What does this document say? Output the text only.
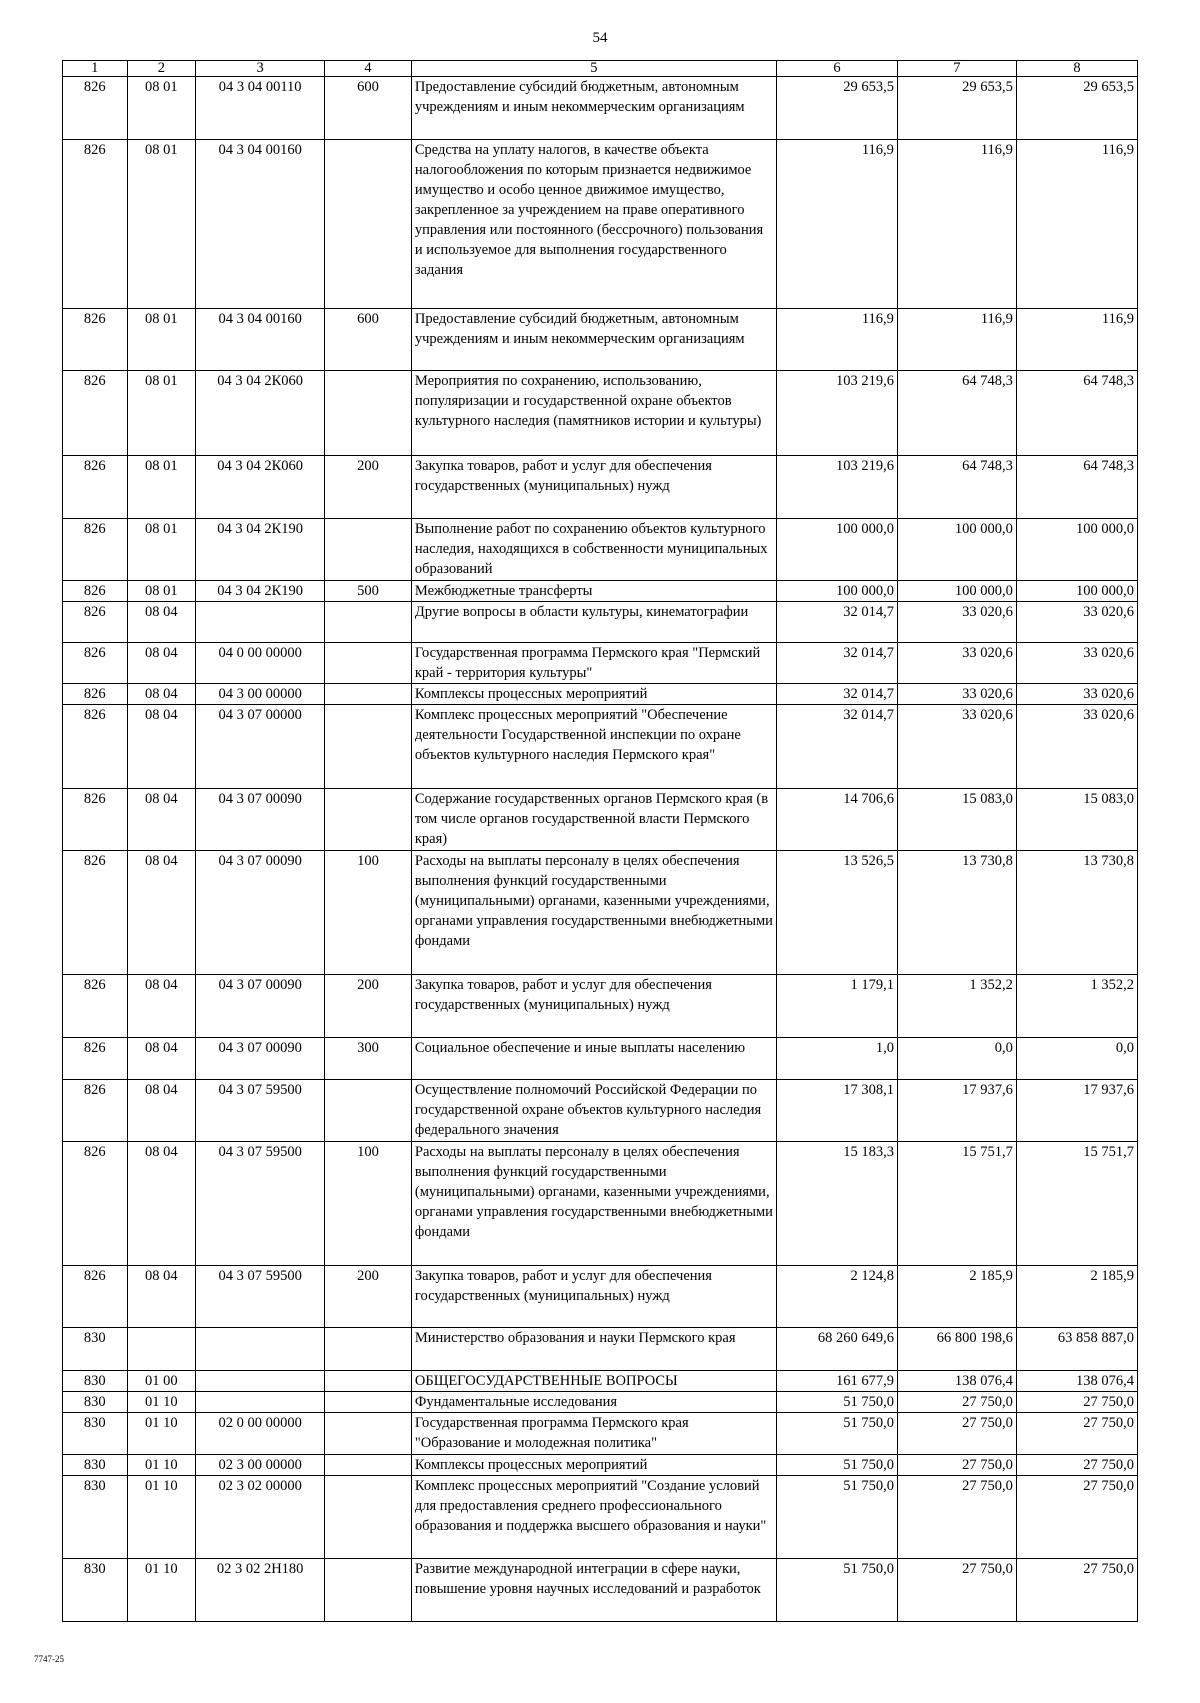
54
1	2	3	4	5	6	7	8
826	08 01	04 3 04 00110	600	Предоставление субсидий бюджетным, автономным учреждениям и иным некоммерческим организациям	29 653,5	29 653,5	29 653,5
826	08 01	04 3 04 00160		Средства на уплату налогов, в качестве объекта налогообложения по которым признается недвижимое имущество и особо ценное движимое имущество, закрепленное за учреждением на праве оперативного управления или постоянного (бессрочного) пользования и используемое для выполнения государственного задания	116,9	116,9	116,9
826	08 01	04 3 04 00160	600	Предоставление субсидий бюджетным, автономным учреждениям и иным некоммерческим организациям	116,9	116,9	116,9
826	08 01	04 3 04 2К060		Мероприятия по сохранению, использованию, популяризации и государственной охране объектов культурного наследия (памятников истории и культуры)	103 219,6	64 748,3	64 748,3
826	08 01	04 3 04 2К060	200	Закупка товаров, работ и услуг для обеспечения государственных (муниципальных) нужд	103 219,6	64 748,3	64 748,3
826	08 01	04 3 04 2К190		Выполнение работ по сохранению объектов культурного наследия, находящихся в собственности муниципальных образований	100 000,0	100 000,0	100 000,0
826	08 01	04 3 04 2К190	500	Межбюджетные трансферты	100 000,0	100 000,0	100 000,0
826	08 04			Другие вопросы в области культуры, кинематографии	32 014,7	33 020,6	33 020,6
826	08 04	04 0 00 00000		Государственная программа Пермского края "Пермский край - территория культуры"	32 014,7	33 020,6	33 020,6
826	08 04	04 3 00 00000		Комплексы процессных мероприятий	32 014,7	33 020,6	33 020,6
826	08 04	04 3 07 00000		Комплекс процессных мероприятий "Обеспечение деятельности Государственной инспекции по охране объектов культурного наследия Пермского края"	32 014,7	33 020,6	33 020,6
826	08 04	04 3 07 00090		Содержание государственных органов Пермского края (в том числе органов государственной власти Пермского края)	14 706,6	15 083,0	15 083,0
826	08 04	04 3 07 00090	100	Расходы на выплаты персоналу в целях обеспечения выполнения функций государственными (муниципальными) органами, казенными учреждениями, органами управления государственными внебюджетными фондами	13 526,5	13 730,8	13 730,8
826	08 04	04 3 07 00090	200	Закупка товаров, работ и услуг для обеспечения государственных (муниципальных) нужд	1 179,1	1 352,2	1 352,2
826	08 04	04 3 07 00090	300	Социальное обеспечение и иные выплаты населению	1,0	0,0	0,0
826	08 04	04 3 07 59500		Осуществление полномочий Российской Федерации по государственной охране объектов культурного наследия федерального значения	17 308,1	17 937,6	17 937,6
826	08 04	04 3 07 59500	100	Расходы на выплаты персоналу в целях обеспечения выполнения функций государственными (муниципальными) органами, казенными учреждениями, органами управления государственными внебюджетными фондами	15 183,3	15 751,7	15 751,7
826	08 04	04 3 07 59500	200	Закупка товаров, работ и услуг для обеспечения государственных (муниципальных) нужд	2 124,8	2 185,9	2 185,9
830				Министерство образования и науки Пермского края	68 260 649,6	66 800 198,6	63 858 887,0
830	01 00			ОБЩЕГОСУДАРСТВЕННЫЕ ВОПРОСЫ	161 677,9	138 076,4	138 076,4
830	01 10			Фундаментальные исследования	51 750,0	27 750,0	27 750,0
830	01 10	02 0 00 00000		Государственная программа Пермского края "Образование и молодежная политика"	51 750,0	27 750,0	27 750,0
830	01 10	02 3 00 00000		Комплексы процессных мероприятий	51 750,0	27 750,0	27 750,0
830	01 10	02 3 02 00000		Комплекс процессных мероприятий "Создание условий для предоставления среднего профессионального образования и поддержка высшего образования и науки"	51 750,0	27 750,0	27 750,0
830	01 10	02 3 02 2Н180		Развитие международной интеграции в сфере науки, повышение уровня научных исследований и разработок	51 750,0	27 750,0	27 750,0
7747-25
